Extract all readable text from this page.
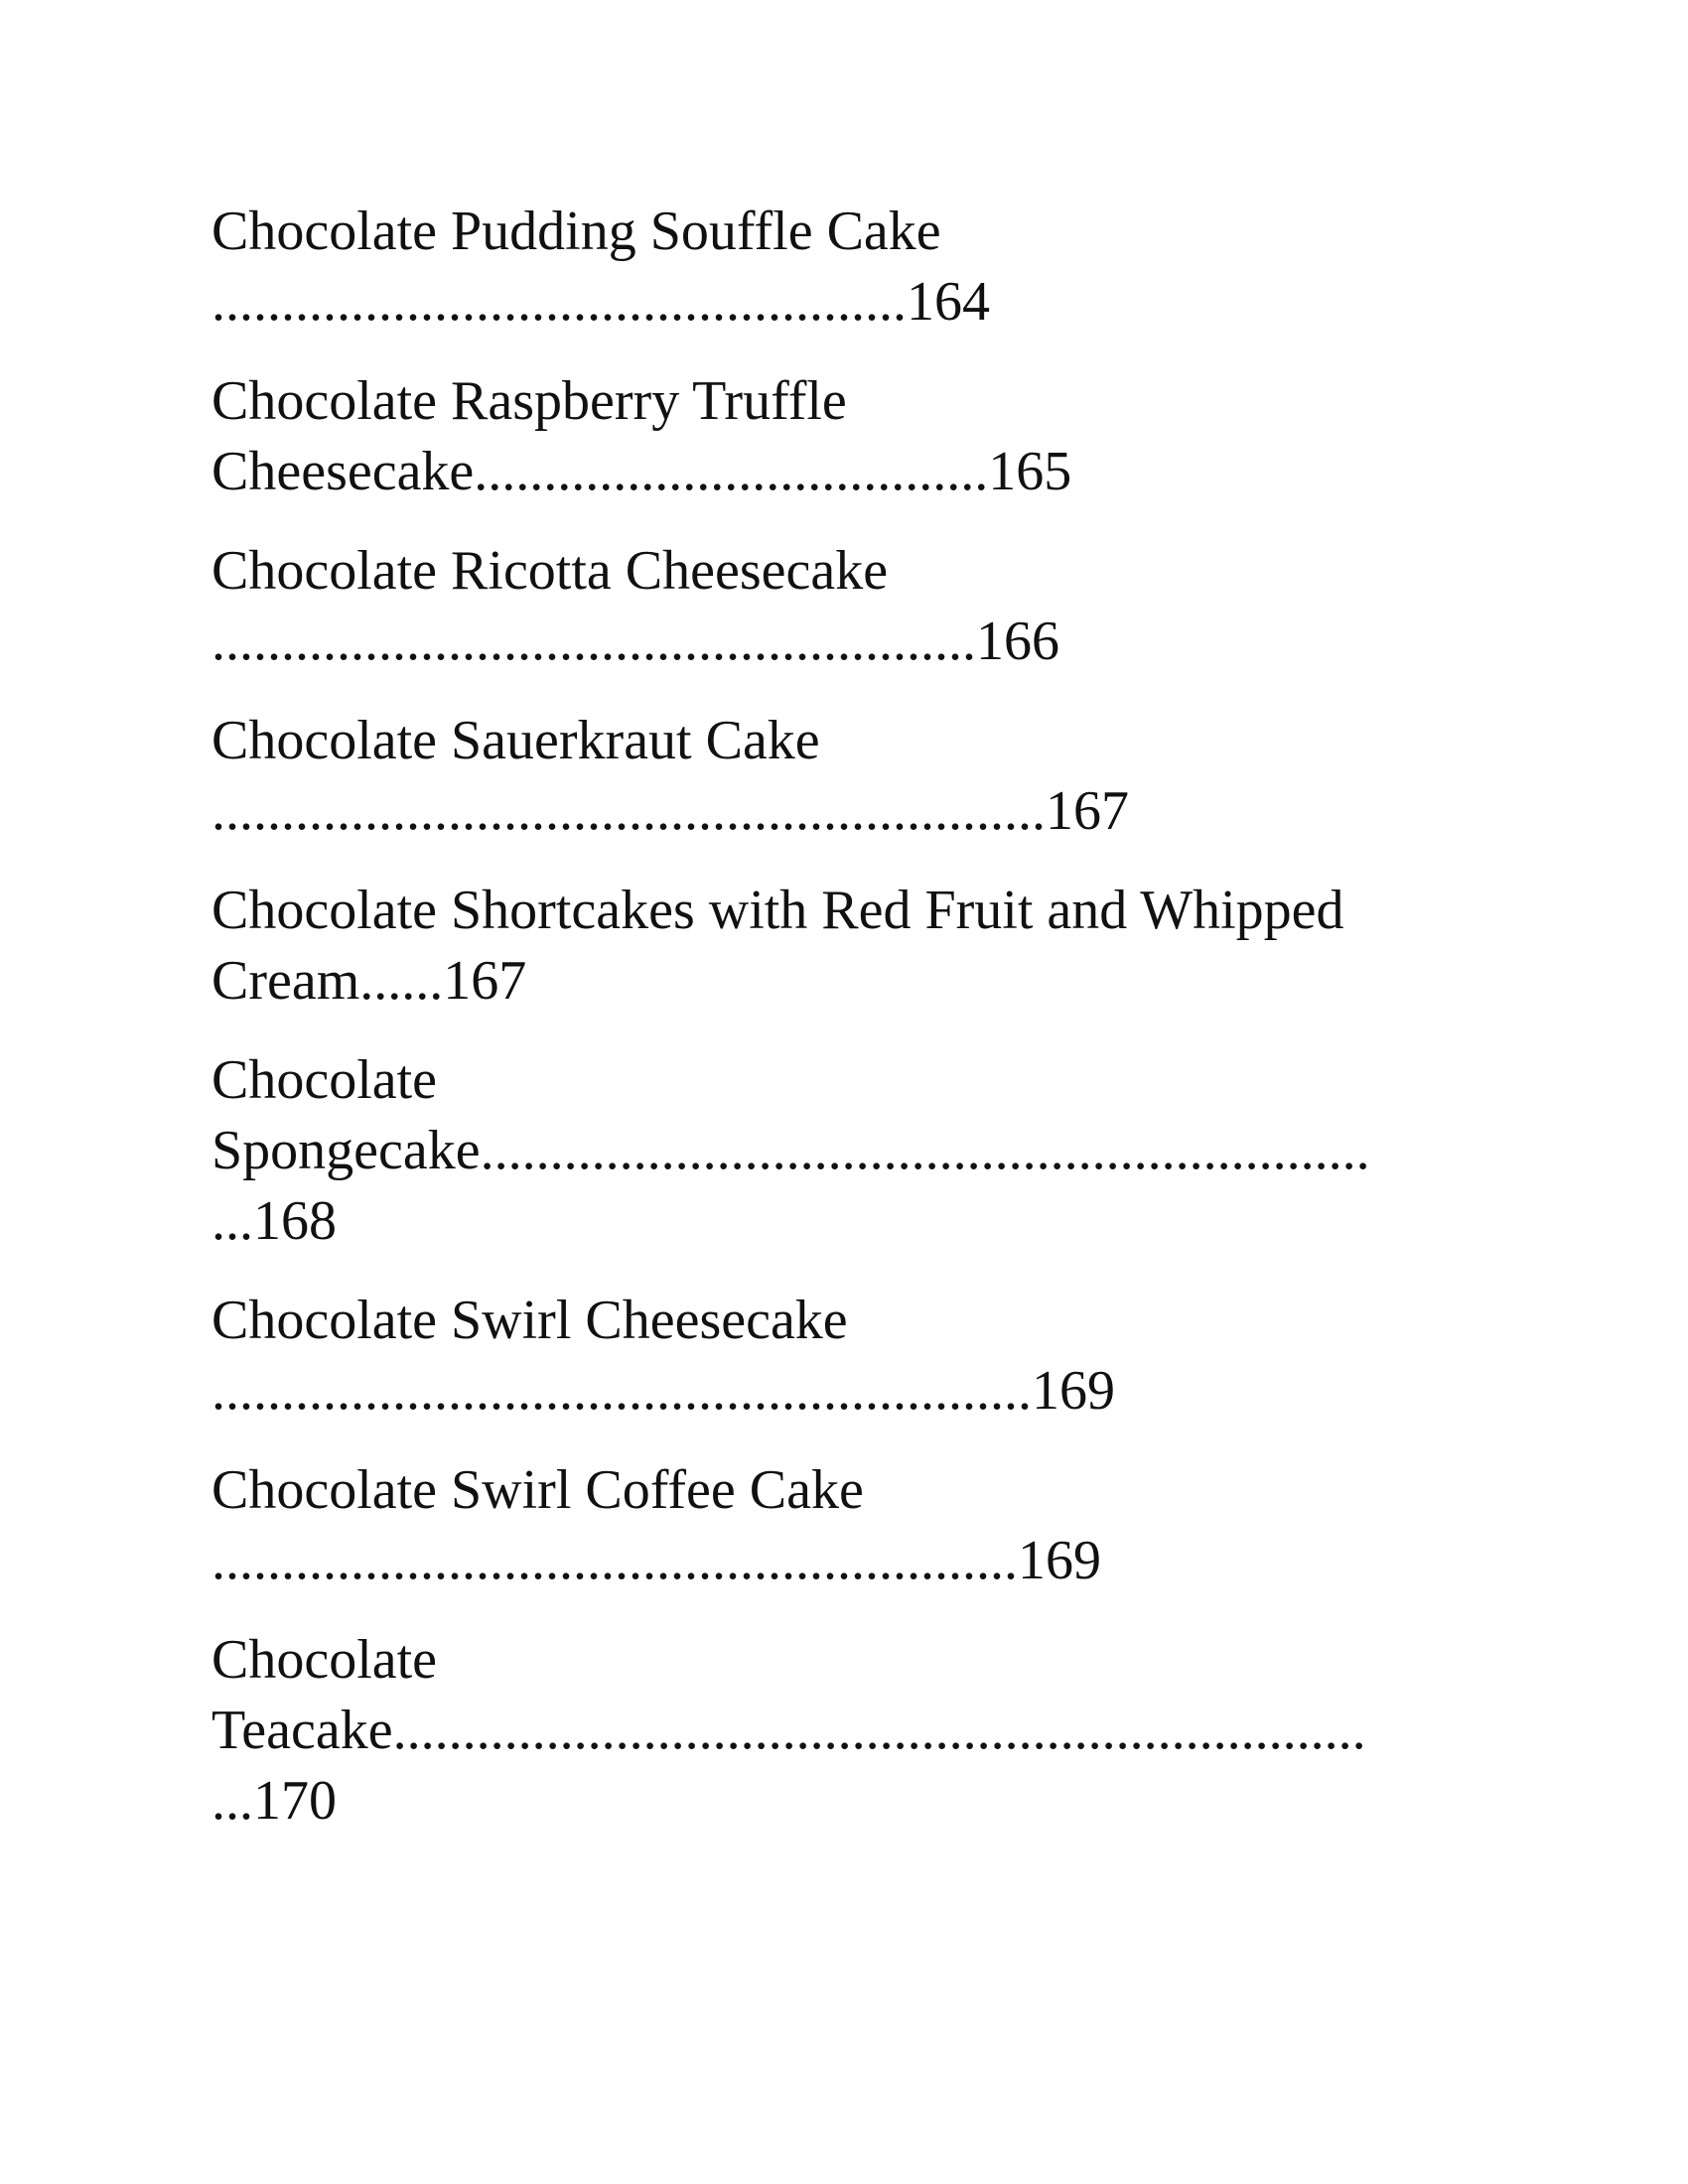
Chocolate Pudding Souffle Cake
..................................................164
Chocolate Raspberry Truffle
Cheesecake.....................................165
Chocolate Ricotta Cheesecake
.......................................................166
Chocolate Sauerkraut Cake
............................................................167
Chocolate Shortcakes with Red Fruit and Whipped
Cream......167
Chocolate
Spongecake................................................................
...168
Chocolate Swirl Cheesecake
...........................................................169
Chocolate Swirl Coffee Cake
..........................................................169
Chocolate
Teacake......................................................................
...170
